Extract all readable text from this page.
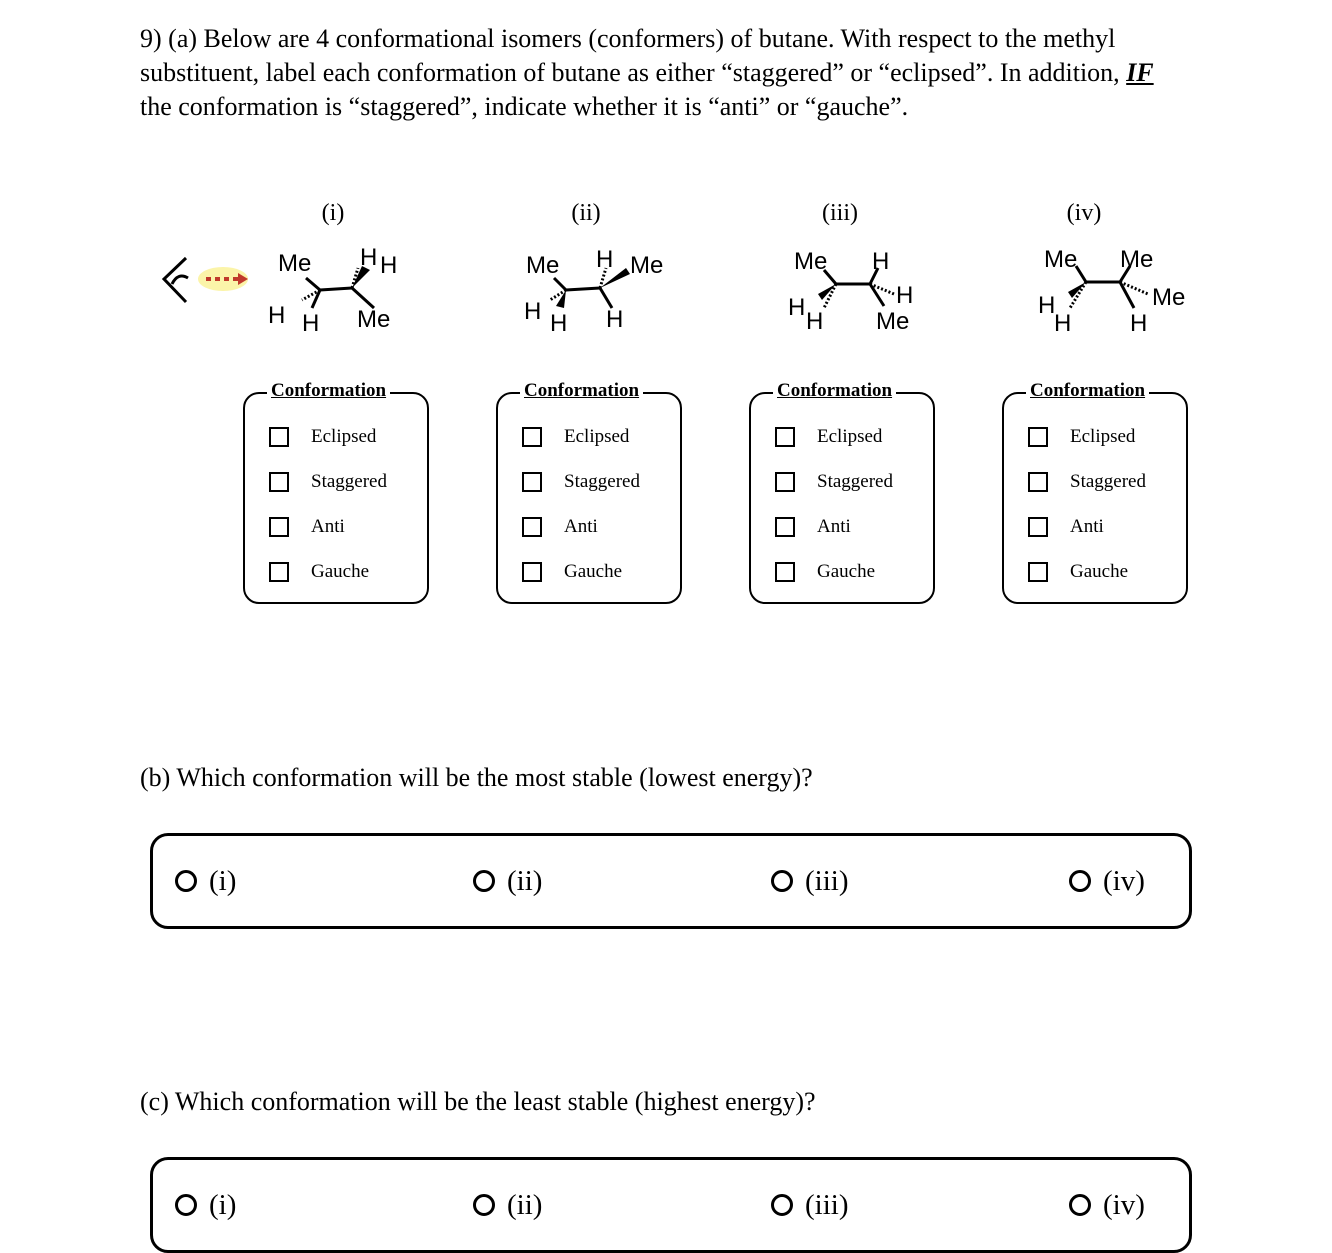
9) (a) Below are 4 conformational isomers (conformers) of butane. With respect to the methyl
substituent, label each conformation of butane as either “staggered” or “eclipsed”. In addition, IF
the conformation is “staggered”, indicate whether it is “anti” or “gauche”.

(i)	(ii)	(iii)	(iv)
Me H H
H H Me
Me H Me
H H H
Me H
H
H
H Me
Me Me
Me
H
H H
Conformation
Eclipsed
Staggered
Anti
Gauche
Conformation
Eclipsed
Staggered
Anti
Gauche
Conformation
Eclipsed
Staggered
Anti
Gauche
Conformation
Eclipsed
Staggered
Anti
Gauche

(b) Which conformation will be the most stable (lowest energy)?

(i)	(ii)	(iii)	(iv)

(c) Which conformation will be the least stable (highest energy)?

(i)	(ii)	(iii)	(iv)
